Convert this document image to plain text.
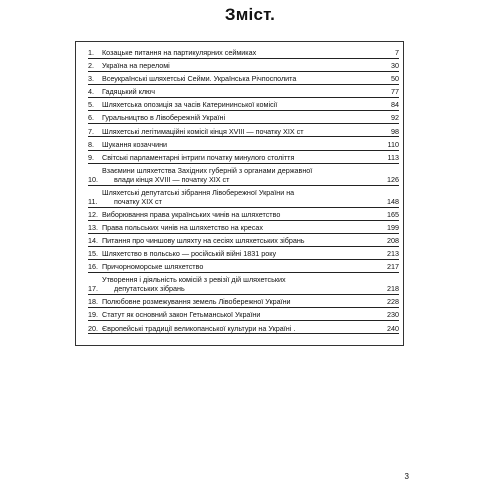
Зміст.
1.	Козацьке питання на партикулярних сеймиках	7
2.	Україна на переломі	30
3.	Всеукраїнські шляхетські Сейми. Українська Річпосполита	50
4.	Гадяцький ключ	77
5.	Шляхетська опозиція за часів Катерининської комісії	84
6.	Гуральництво в Лівобережній Україні	92
7.	Шляхетські легітимаційні комісії кінця XVIII — початку XIX ст	98
8.	Шукання козаччини	110
9.	Світські парламентарні інтриги початку минулого століття	113
10.
Взаємини шляхетства Західних губерній з органами державної
влади кінця XVIII — початку XIX ст	126
11.
Шляхетські депутатські зібрання Лівобережної України на
початку XIX ст	148
12. Виборювання права українських чинів на шляхетство	165
13. Права польських чинів на шляхетство на кресах	199
14. Питання про чиншову шляхту на сесіях шляхетських зібрань	208
15. Шляхетство в польсько — російській війні 1831 року	213
16. Причорноморське шляхетство	217
17.
Утворення і діяльність комісій з ревізії дій шляхетських
депутатських зібрань	218
18. Полюбовне розмежування земель Лівобережної України	228
19. Статут як основний закон Гетьманської України	230
20. Європейські традиції великопанської культури на Україні .	240
3
